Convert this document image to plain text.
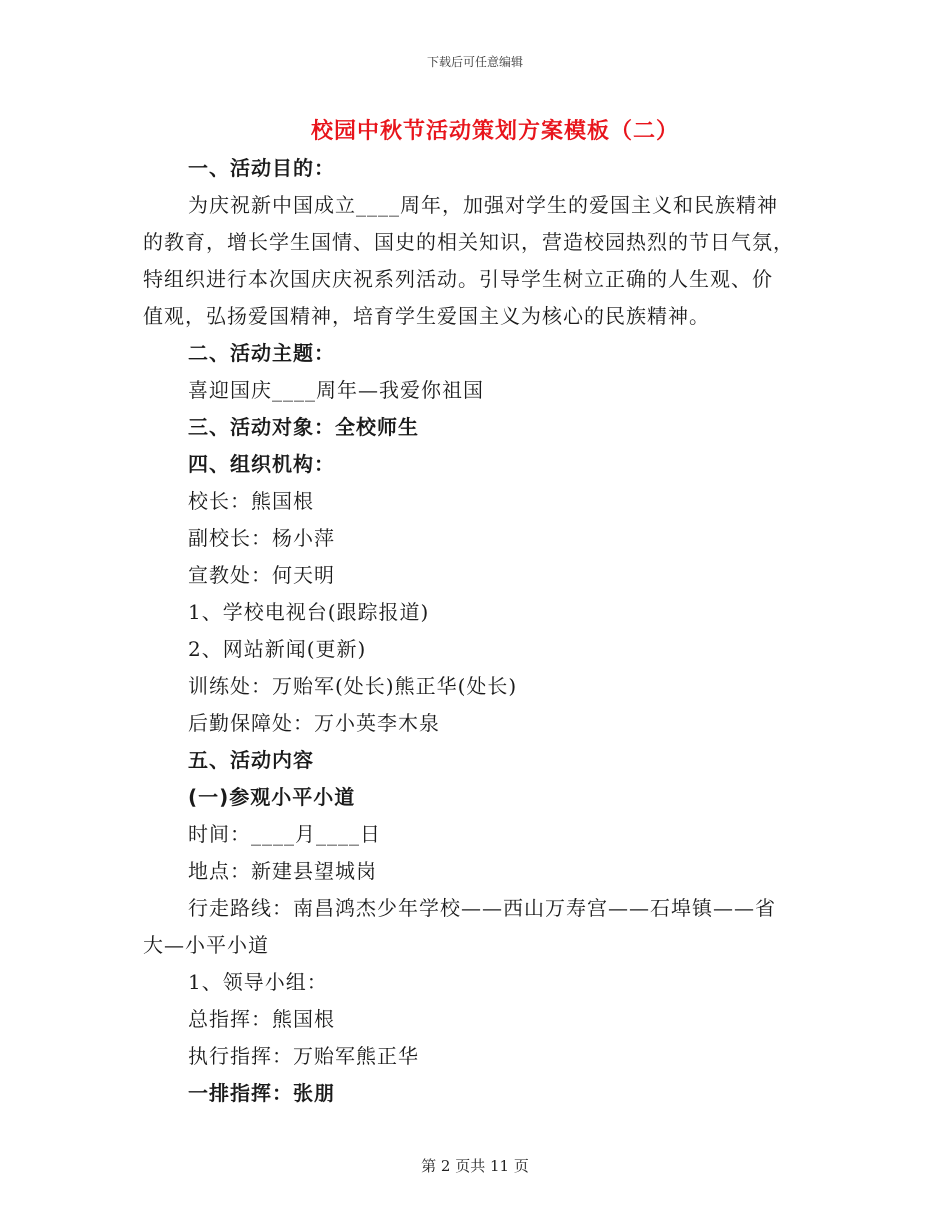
下载后可任意编辑
校园中秋节活动策划方案模板（二）
一、活动目的：
为庆祝新中国成立____周年，加强对学生的爱国主义和民族精神
的教育，增长学生国情、国史的相关知识，营造校园热烈的节日气氛，
特组织进行本次国庆庆祝系列活动。引导学生树立正确的人生观、价
值观，弘扬爱国精神，培育学生爱国主义为核心的民族精神。
二、活动主题：
喜迎国庆____周年—我爱你祖国
三、活动对象：全校师生
四、组织机构：
校长：熊国根
副校长：杨小萍
宣教处：何天明
1、学校电视台(跟踪报道)
2、网站新闻(更新)
训练处：万贻军(处长)熊正华(处长)
后勤保障处：万小英李木泉
五、活动内容
(一)参观小平小道
时间：____月____日
地点：新建县望城岗
行走路线：南昌鸿杰少年学校——西山万寿宫——石埠镇——省
大—小平小道
1、领导小组：
总指挥：熊国根
执行指挥：万贻军熊正华
一排指挥：张朋
第 2 页共 11 页
